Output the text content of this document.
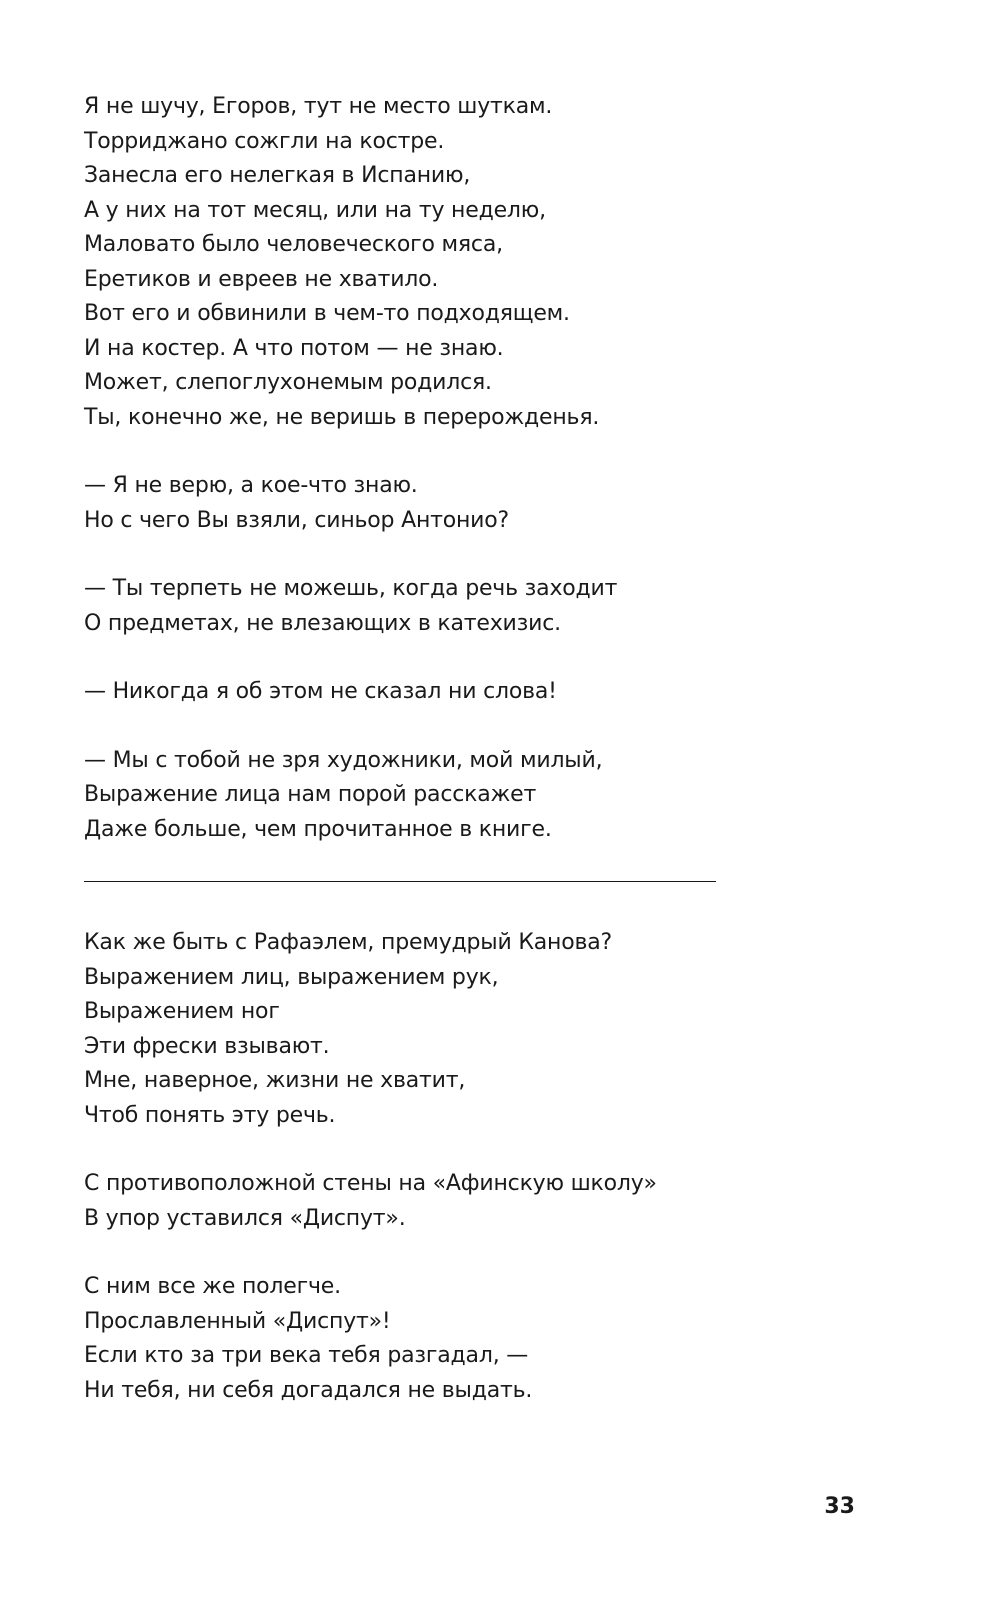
Я не шучу, Егоров, тут не место шуткам.
Торриджано сожгли на костре.
Занесла его нелегкая в Испанию,
А у них на тот месяц, или на ту неделю,
Маловато было человеческого мяса,
Еретиков и евреев не хватило.
Вот его и обвинили в чем-то подходящем.
И на костер. А что потом — не знаю.
Может, слепоглухонемым родился.
Ты, конечно же, не веришь в перерожденья.
— Я не верю, а кое-что знаю.
Но с чего Вы взяли, синьор Антонио?
— Ты терпеть не можешь, когда речь заходит
О предметах, не влезающих в катехизис.
— Никогда я об этом не сказал ни слова!
— Мы с тобой не зря художники, мой милый,
Выражение лица нам порой расскажет
Даже больше, чем прочитанное в книге.
Как же быть с Рафаэлем, премудрый Канова?
Выражением лиц, выражением рук,
Выражением ног
Эти фрески взывают.
Мне, наверное, жизни не хватит,
Чтоб понять эту речь.
С противоположной стены на «Афинскую школу»
В упор уставился «Диспут».
С ним все же полегче.
Прославленный «Диспут»!
Если кто за три века тебя разгадал, —
Ни тебя, ни себя догадался не выдать.
33
